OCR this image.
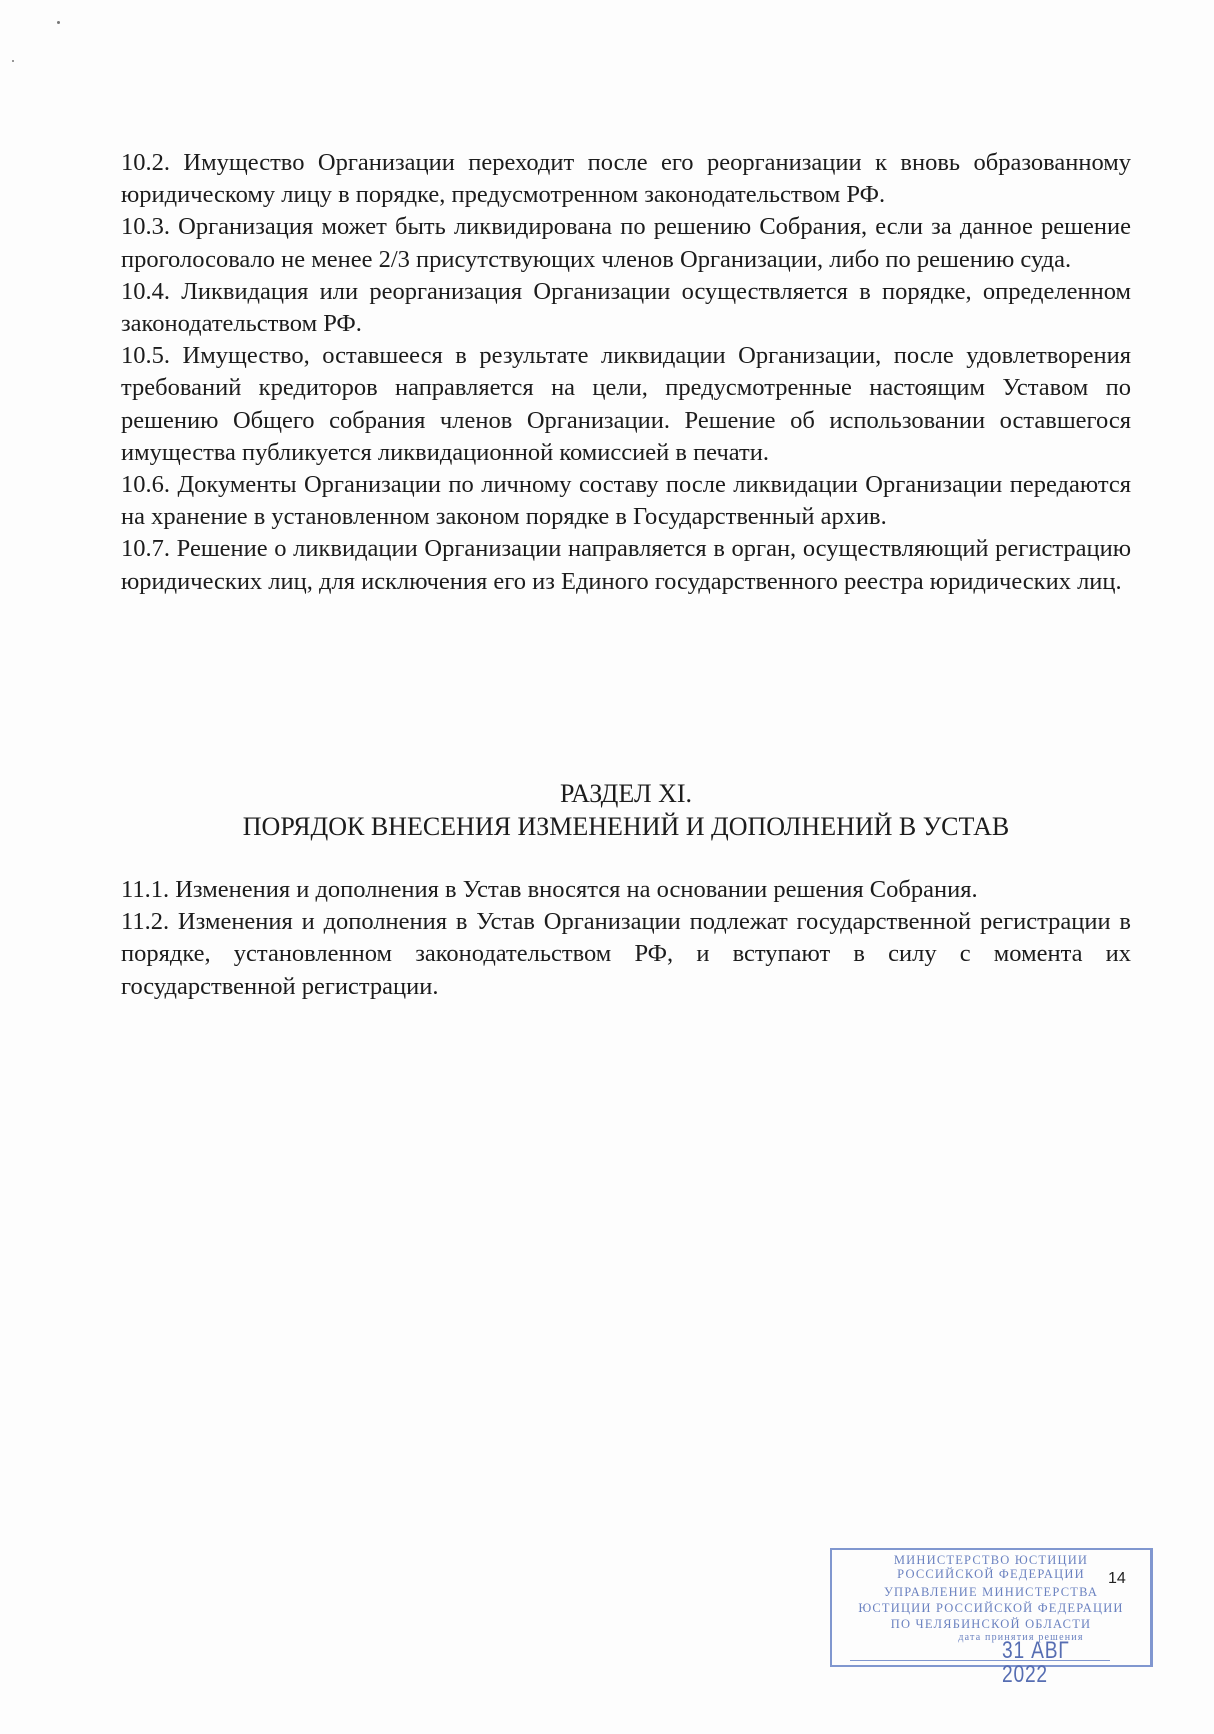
10.2. Имущество Организации переходит после его реорганизации к вновь образованному юридическому лицу в порядке, предусмотренном законодательством РФ.

10.3. Организация может быть ликвидирована по решению Собрания, если за данное решение проголосовало не менее 2/3 присутствующих членов Организации, либо по решению суда.

10.4. Ликвидация или реорганизация Организации осуществляется в порядке, определенном законодательством РФ.

10.5. Имущество, оставшееся в результате ликвидации Организации, после удовлетворения требований кредиторов направляется на цели, предусмотренные настоящим Уставом по решению Общего собрания членов Организации. Решение об использовании оставшегося имущества публикуется ликвидационной комиссией в печати.

10.6. Документы Организации по личному составу после ликвидации Организации передаются на хранение в установленном законом порядке в Государственный архив.

10.7. Решение о ликвидации Организации направляется в орган, осуществляющий регистрацию юридических лиц, для исключения его из Единого государственного реестра юридических лиц.

РАЗДЕЛ XI.
ПОРЯДОК ВНЕСЕНИЯ ИЗМЕНЕНИЙ И ДОПОЛНЕНИЙ В УСТАВ

11.1. Изменения и дополнения в Устав вносятся на основании решения Собрания.

11.2. Изменения и дополнения в Устав Организации подлежат государственной регистрации в порядке, установленном законодательством РФ, и вступают в силу с момента их государственной регистрации.

МИНИСТЕРСТВО ЮСТИЦИИ
РОССИЙСКОЙ ФЕДЕРАЦИИ
УПРАВЛЕНИЕ МИНИСТЕРСТВА
ЮСТИЦИИ РОССИЙСКОЙ ФЕДЕРАЦИИ
ПО ЧЕЛЯБИНСКОЙ ОБЛАСТИ
дата принятия решения
31 АВГ 2022
14
